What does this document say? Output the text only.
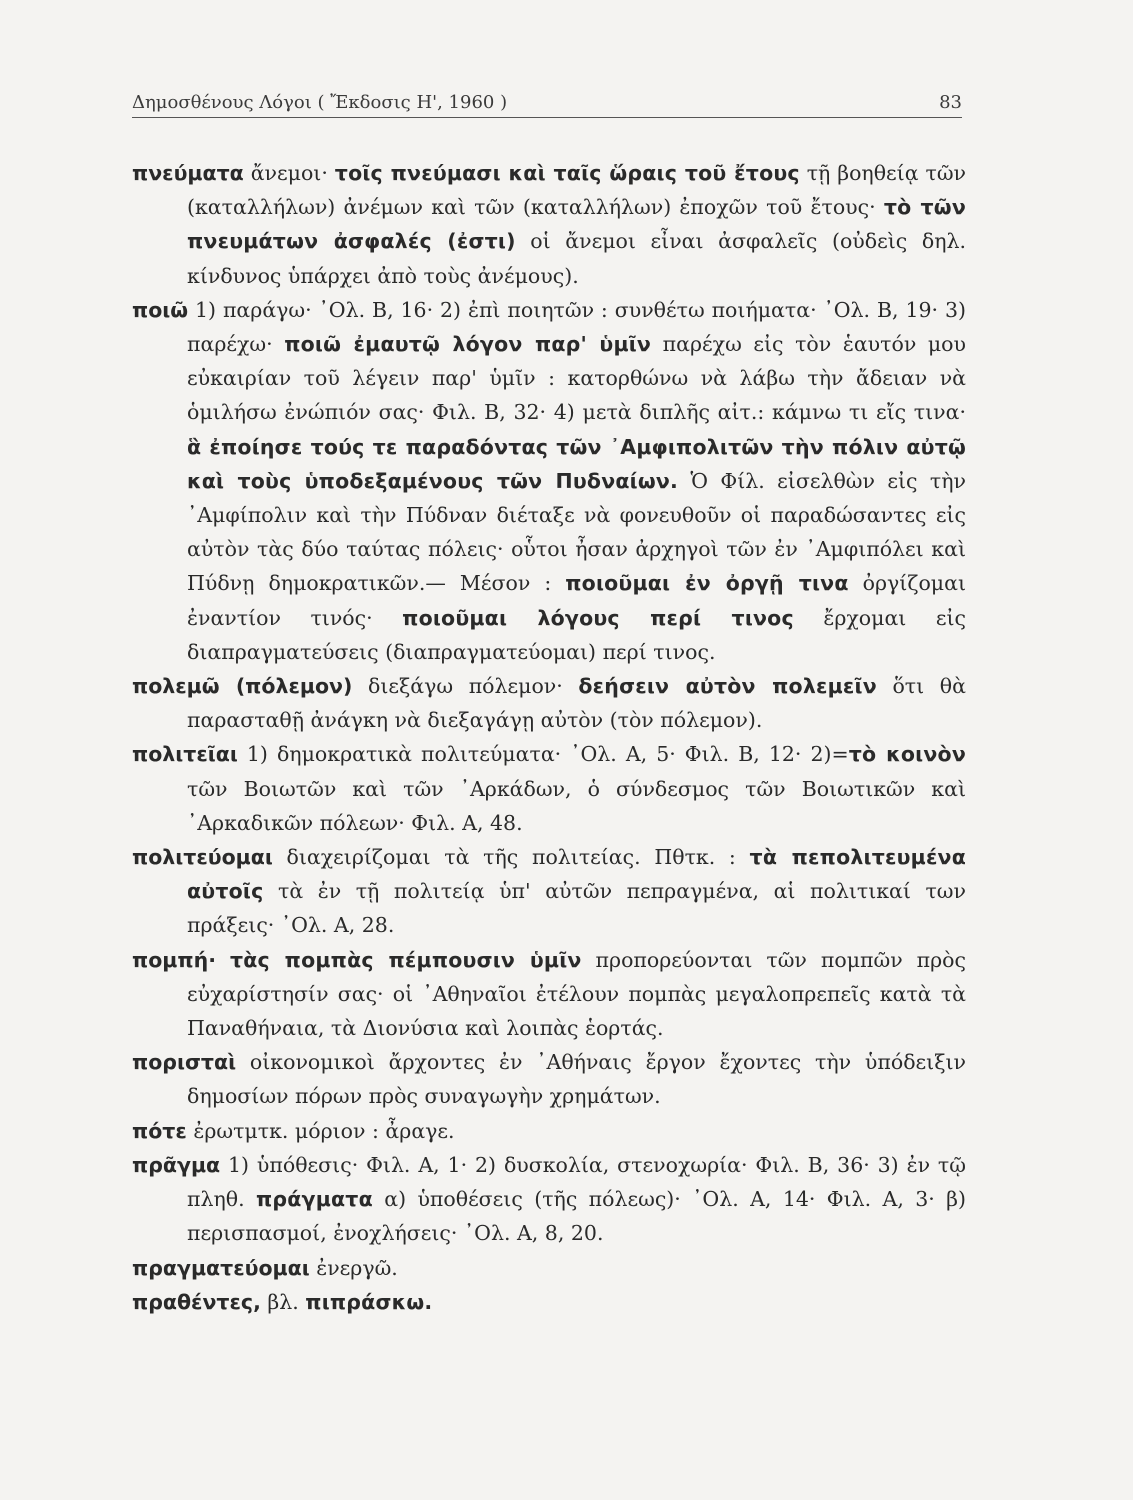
Δημοσθένους Λόγοι ( Ἔκδοσις Η', 1960 )	83

πνεύματα ἄνεμοι· τοῖς πνεύμασι καὶ ταῖς ὥραις τοῦ ἔτους τῇ βοηθείᾳ τῶν (καταλλήλων) ἀνέμων καὶ τῶν (καταλλήλων) ἐποχῶν τοῦ ἔτους· τὸ τῶν πνευμάτων ἀσφαλές (ἐστι) οἱ ἄνεμοι εἶναι ἀσφαλεῖς (οὐδεὶς δηλ. κίνδυνος ὑπάρχει ἀπὸ τοὺς ἀνέμους).

ποιῶ 1) παράγω· ᾿Ολ. Β, 16· 2) ἐπὶ ποιητῶν : συνθέτω ποιήματα· ᾿Ολ. Β, 19· 3) παρέχω· ποιῶ ἐμαυτῷ λόγον παρ' ὑμῖν παρέχω εἰς τὸν ἑαυτόν μου εὐκαιρίαν τοῦ λέγειν παρ' ὑμῖν : κατορθώνω νὰ λάβω τὴν ἄδειαν νὰ ὁμιλήσω ἐνώπιόν σας· Φιλ. Β, 32· 4) μετὰ διπλῆς αἰτ.: κάμνω τι εἴς τινα· ἃ ἐποίησε τούς τε παραδόντας τῶν ᾿Αμφιπολιτῶν τὴν πόλιν αὐτῷ καὶ τοὺς ὑποδεξαμένους τῶν Πυδναίων. Ὁ Φίλ. εἰσελθὼν εἰς τὴν ᾿Αμφίπολιν καὶ τὴν Πύδναν διέταξε νὰ φονευθοῦν οἱ παραδώσαντες εἰς αὐτὸν τὰς δύο ταύτας πόλεις· οὗτοι ἦσαν ἀρχηγοὶ τῶν ἐν ᾿Αμφιπόλει καὶ Πύδνῃ δημοκρατικῶν.— Μέσον : ποιοῦμαι ἐν ὀργῇ τινα ὀργίζομαι ἐναντίον τινός· ποιοῦμαι λόγους περί τινος ἔρχομαι εἰς διαπραγματεύσεις (διαπραγματεύομαι) περί τινος.

πολεμῶ (πόλεμον) διεξάγω πόλεμον· δεήσειν αὐτὸν πολεμεῖν ὅτι θὰ παρασταθῇ ἀνάγκη νὰ διεξαγάγῃ αὐτὸν (τὸν πόλεμον).

πολιτεῖαι 1) δημοκρατικὰ πολιτεύματα· ᾿Ολ. Α, 5· Φιλ. Β, 12· 2)=τὸ κοινὸν τῶν Βοιωτῶν καὶ τῶν ᾿Αρκάδων, ὁ σύνδεσμος τῶν Βοιωτικῶν καὶ ᾿Αρκαδικῶν πόλεων· Φιλ. Α, 48.

πολιτεύομαι διαχειρίζομαι τὰ τῆς πολιτείας. Πθτκ. : τὰ πεπολιτευμένα αὐτοῖς τὰ ἐν τῇ πολιτείᾳ ὑπ' αὐτῶν πεπραγμένα, αἱ πολιτικαί των πράξεις· ᾿Ολ. Α, 28.

πομπή· τὰς πομπὰς πέμπουσιν ὑμῖν προπορεύονται τῶν πομπῶν πρὸς εὐχαρίστησίν σας· οἱ ᾿Αθηναῖοι ἐτέλουν πομπὰς μεγαλοπρεπεῖς κατὰ τὰ Παναθήναια, τὰ Διονύσια καὶ λοιπὰς ἑορτάς.

πορισταὶ οἰκονομικοὶ ἄρχοντες ἐν ᾿Αθήναις ἔργον ἔχοντες τὴν ὑπόδειξιν δημοσίων πόρων πρὸς συναγωγὴν χρημάτων.

πότε ἐρωτμτκ. μόριον : ἆραγε.

πρᾶγμα 1) ὑπόθεσις· Φιλ. Α, 1· 2) δυσκολία, στενοχωρία· Φιλ. Β, 36· 3) ἐν τῷ πληθ. πράγματα α) ὑποθέσεις (τῆς πόλεως)· ᾿Ολ. Α, 14· Φιλ. Α, 3· β) περισπασμοί, ἐνοχλήσεις· ᾿Ολ. Α, 8, 20.

πραγματεύομαι ἐνεργῶ.

πραθέντες, βλ. πιπράσκω.
